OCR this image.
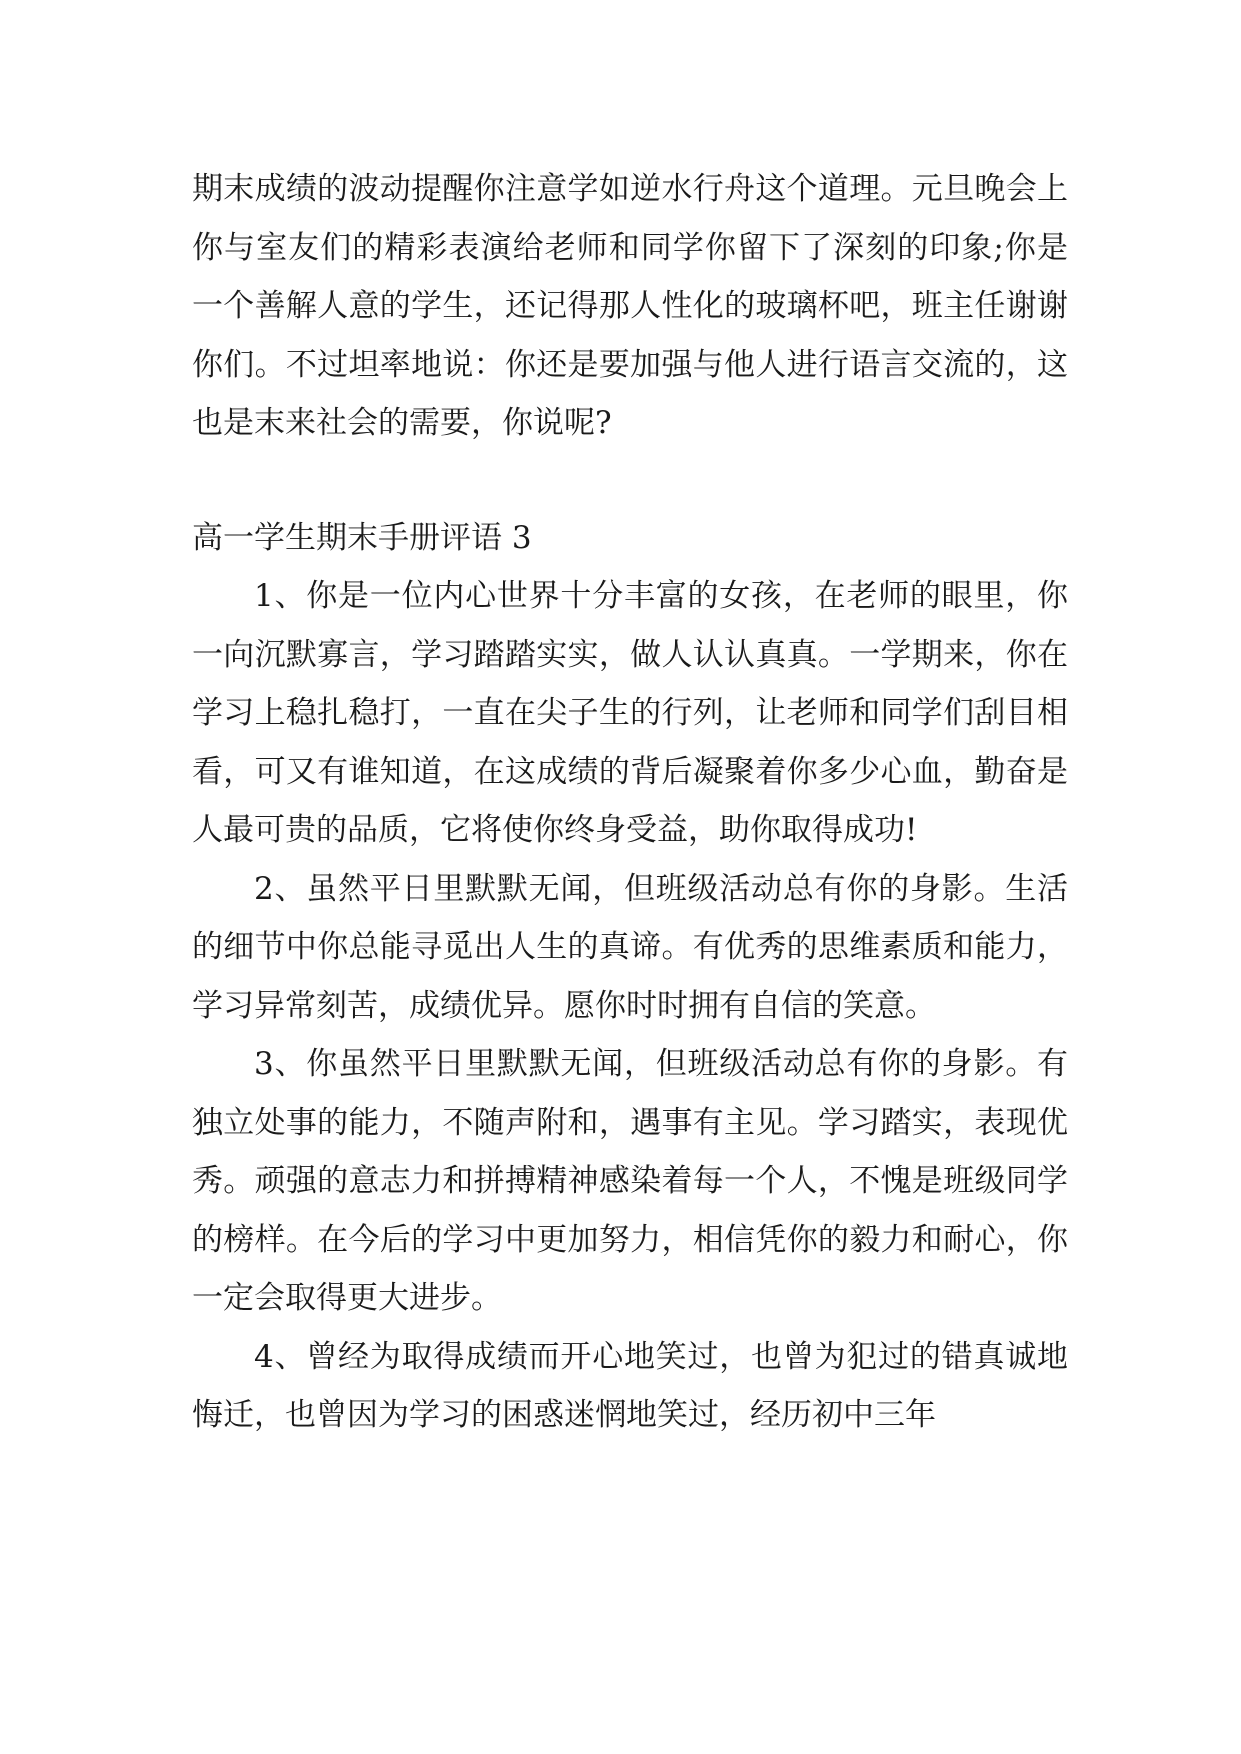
期末成绩的波动提醒你注意学如逆水行舟这个道理。元旦晚会上你与室友们的精彩表演给老师和同学你留下了深刻的印象;你是一个善解人意的学生，还记得那人性化的玻璃杯吧，班主任谢谢你们。不过坦率地说：你还是要加强与他人进行语言交流的，这也是末来社会的需要，你说呢?

高一学生期末手册评语 3

1、你是一位内心世界十分丰富的女孩，在老师的眼里，你一向沉默寡言，学习踏踏实实，做人认认真真。一学期来，你在学习上稳扎稳打，一直在尖子生的行列，让老师和同学们刮目相看，可又有谁知道，在这成绩的背后凝聚着你多少心血，勤奋是人最可贵的品质，它将使你终身受益，助你取得成功!

2、虽然平日里默默无闻，但班级活动总有你的身影。生活的细节中你总能寻觅出人生的真谛。有优秀的思维素质和能力，学习异常刻苦，成绩优异。愿你时时拥有自信的笑意。

3、你虽然平日里默默无闻，但班级活动总有你的身影。有独立处事的能力，不随声附和，遇事有主见。学习踏实，表现优秀。顽强的意志力和拼搏精神感染着每一个人，不愧是班级同学的榜样。在今后的学习中更加努力，相信凭你的毅力和耐心，你一定会取得更大进步。

4、曾经为取得成绩而开心地笑过，也曾为犯过的错真诚地悔迁，也曾因为学习的困惑迷惘地笑过，经历初中三年
